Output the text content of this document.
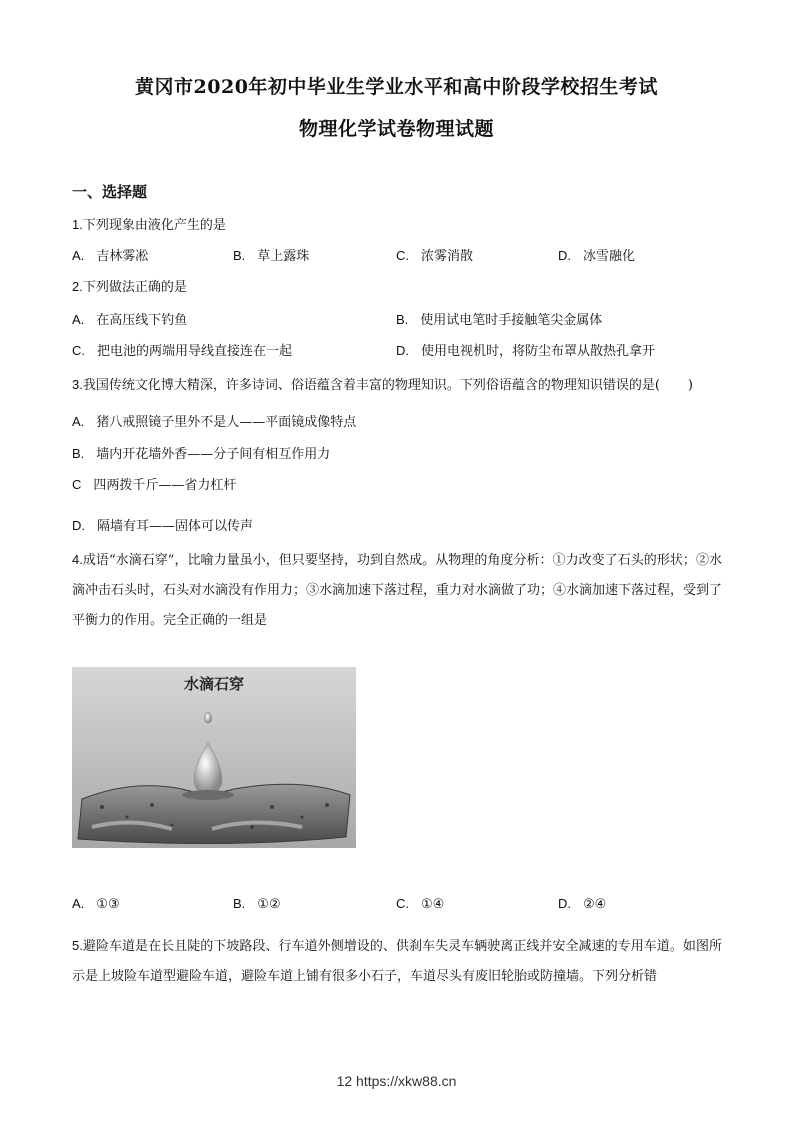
黄冈市2020年初中毕业生学业水平和高中阶段学校招生考试
物理化学试卷物理试题
一、选择题
1.下列现象由液化产生的是
A. 吉林雾凇	B. 草上露珠	C. 浓雾消散	D. 冰雪融化
2.下列做法正确的是
A. 在高压线下钓鱼	B. 使用试电笔时手接触笔尖金属体
C. 把电池的两端用导线直接连在一起	D. 使用电视机时，将防尘布罩从散热孔拿开
3.我国传统文化博大精深，许多诗词、俗语蕴含着丰富的物理知识。下列俗语蕴含的物理知识错误的是( )
A. 猪八戒照镜子里外不是人——平面镜成像特点
B. 墙内开花墙外香——分子间有相互作用力
C 四两拨千斤——省力杠杆
D. 隔墙有耳——固体可以传声
4.成语“水滴石穿”，比喻力量虽小，但只要坚持，功到自然成。从物理的角度分析：①力改变了石头的形状；②水滴冲击石头时，石头对水滴没有作用力；③水滴加速下落过程，重力对水滴做了功；④水滴加速下落过程，受到了平衡力的作用。完全正确的一组是
水滴石穿
A. ①③	B. ①②	C. ①④	D. ②④
5.避险车道是在长且陡的下坡路段、行车道外侧增设的、供刹车失灵车辆驶离正线并安全减速的专用车道。如图所示是上坡险车道型避险车道，避险车道上铺有很多小石子，车道尽头有废旧轮胎或防撞墙。下列分析错
12 https://xkw88.cn
